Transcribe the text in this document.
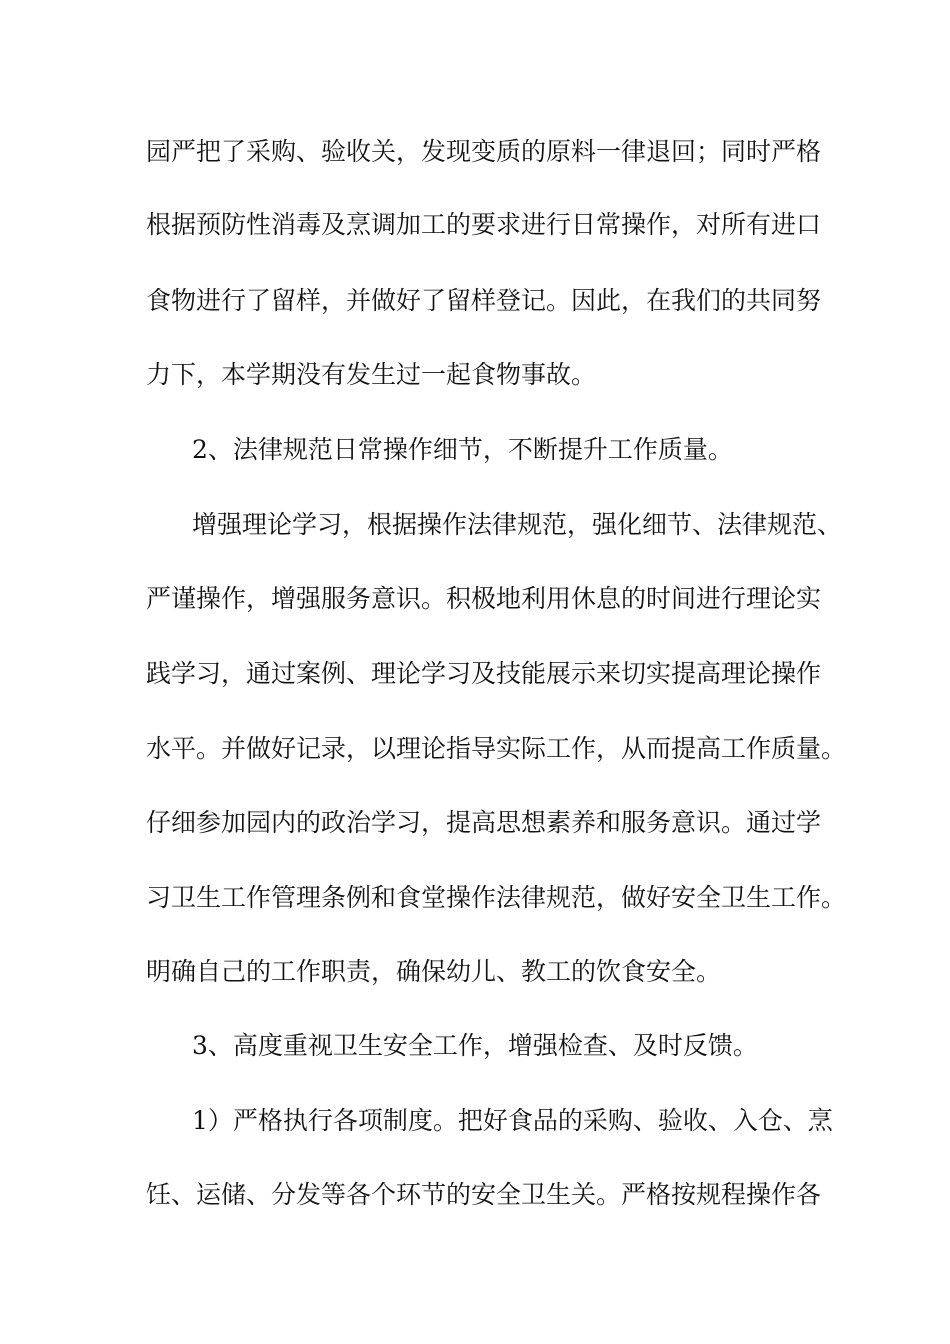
园严把了采购、验收关，发现变质的原料一律退回；同时严格
根据预防性消毒及烹调加工的要求进行日常操作，对所有进口
食物进行了留样，并做好了留样登记。因此，在我们的共同努
力下，本学期没有发生过一起食物事故。
2、法律规范日常操作细节，不断提升工作质量。
增强理论学习，根据操作法律规范，强化细节、法律规范、
严谨操作，增强服务意识。积极地利用休息的时间进行理论实
践学习，通过案例、理论学习及技能展示来切实提高理论操作
水平。并做好记录，以理论指导实际工作，从而提高工作质量。
仔细参加园内的政治学习，提高思想素养和服务意识。通过学
习卫生工作管理条例和食堂操作法律规范，做好安全卫生工作。
明确自己的工作职责，确保幼儿、教工的饮食安全。
3、高度重视卫生安全工作，增强检查、及时反馈。
1）严格执行各项制度。把好食品的采购、验收、入仓、烹
饪、运储、分发等各个环节的安全卫生关。严格按规程操作各
